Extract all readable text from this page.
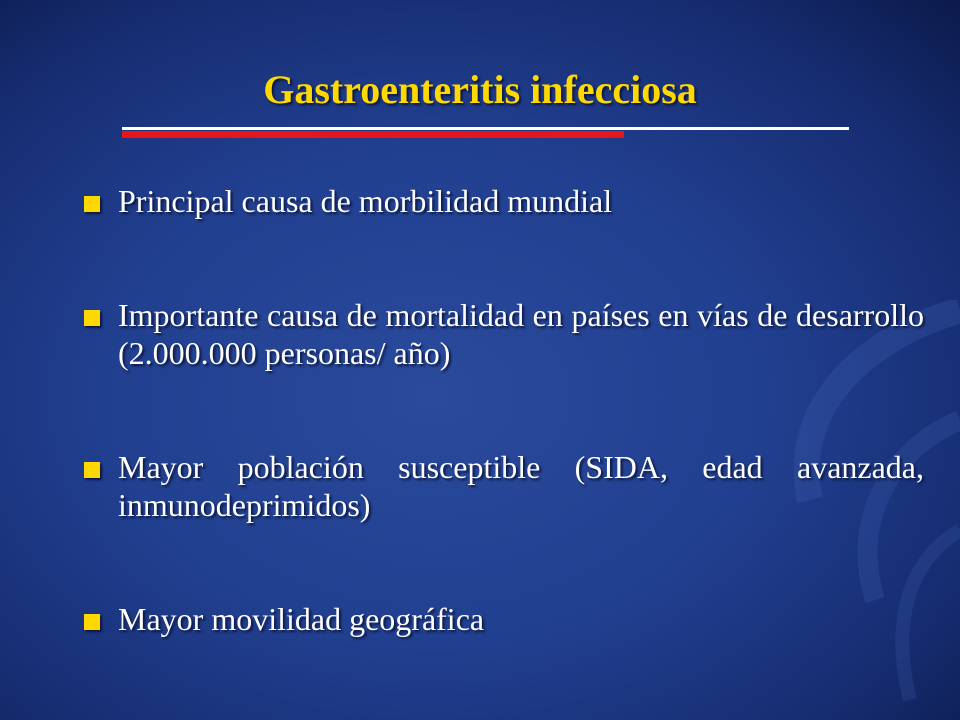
Gastroenteritis infecciosa
Principal causa de morbilidad mundial
Importante causa de mortalidad en países en vías de desarrollo (2.000.000 personas/ año)
Mayor población susceptible (SIDA, edad avanzada, inmunodeprimidos)
Mayor movilidad geográfica
